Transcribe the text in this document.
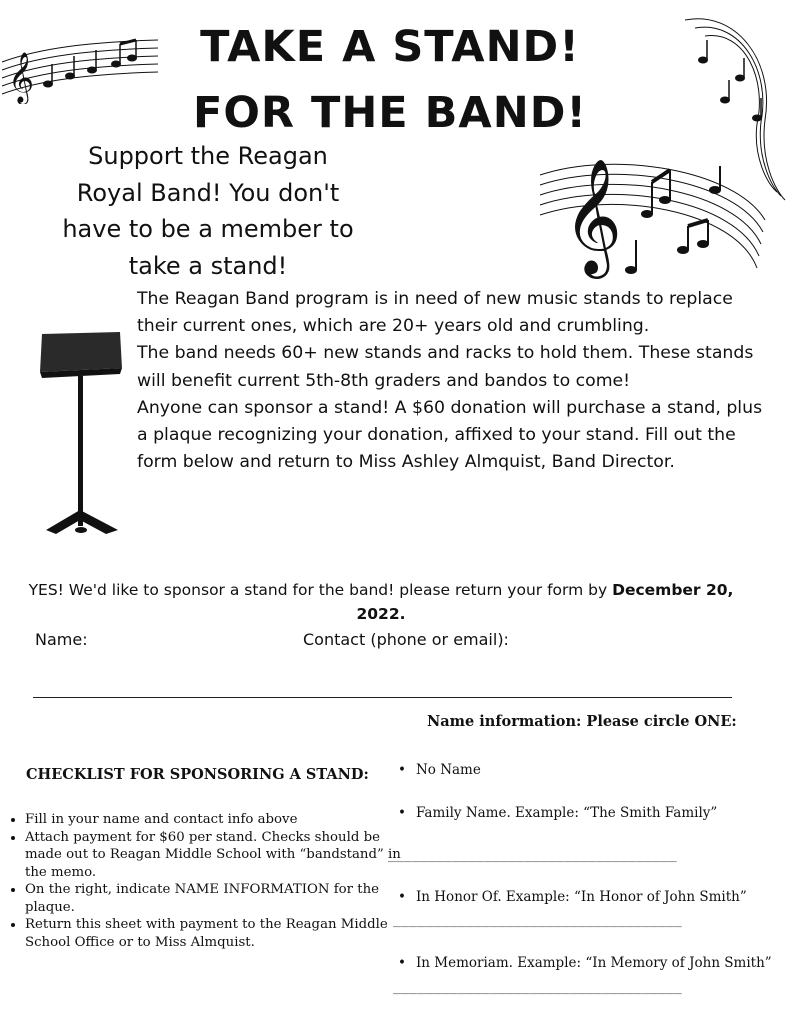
𝄞
𝄞
TAKE A STAND!
FOR THE BAND!
Support the Reagan
Royal Band! You don't
have to be a member to
take a stand!

The Reagan Band program is in need of new music stands to replace their current ones, which are 20+ years old and crumbling.

The band needs 60+ new stands and racks to hold them. These stands will benefit current 5th-8th graders and bandos to come!

Anyone can sponsor a stand! A $60 donation will purchase a stand, plus a plaque recognizing your donation, affixed to your stand. Fill out the form below and return to Miss Ashley Almquist, Band Director.

YES! We'd like to sponsor a stand for the band! please return your form by December 20, 2022.
Name:	Contact (phone or email):
Name information: Please circle ONE:
CHECKLIST FOR SPONSORING A STAND:
• Fill in your name and contact info above
• Attach payment for $60 per stand. Checks should be made out to Reagan Middle School with “bandstand” in the memo.
• On the right, indicate NAME INFORMATION for the plaque.
• Return this sheet with payment to the Reagan Middle School Office or to Miss Almquist.
• No Name
• Family Name. Example: “The Smith Family”
____________________________________
• In Honor Of. Example: “In Honor of John Smith”
____________________________________
• In Memoriam. Example: “In Memory of John Smith”
____________________________________
